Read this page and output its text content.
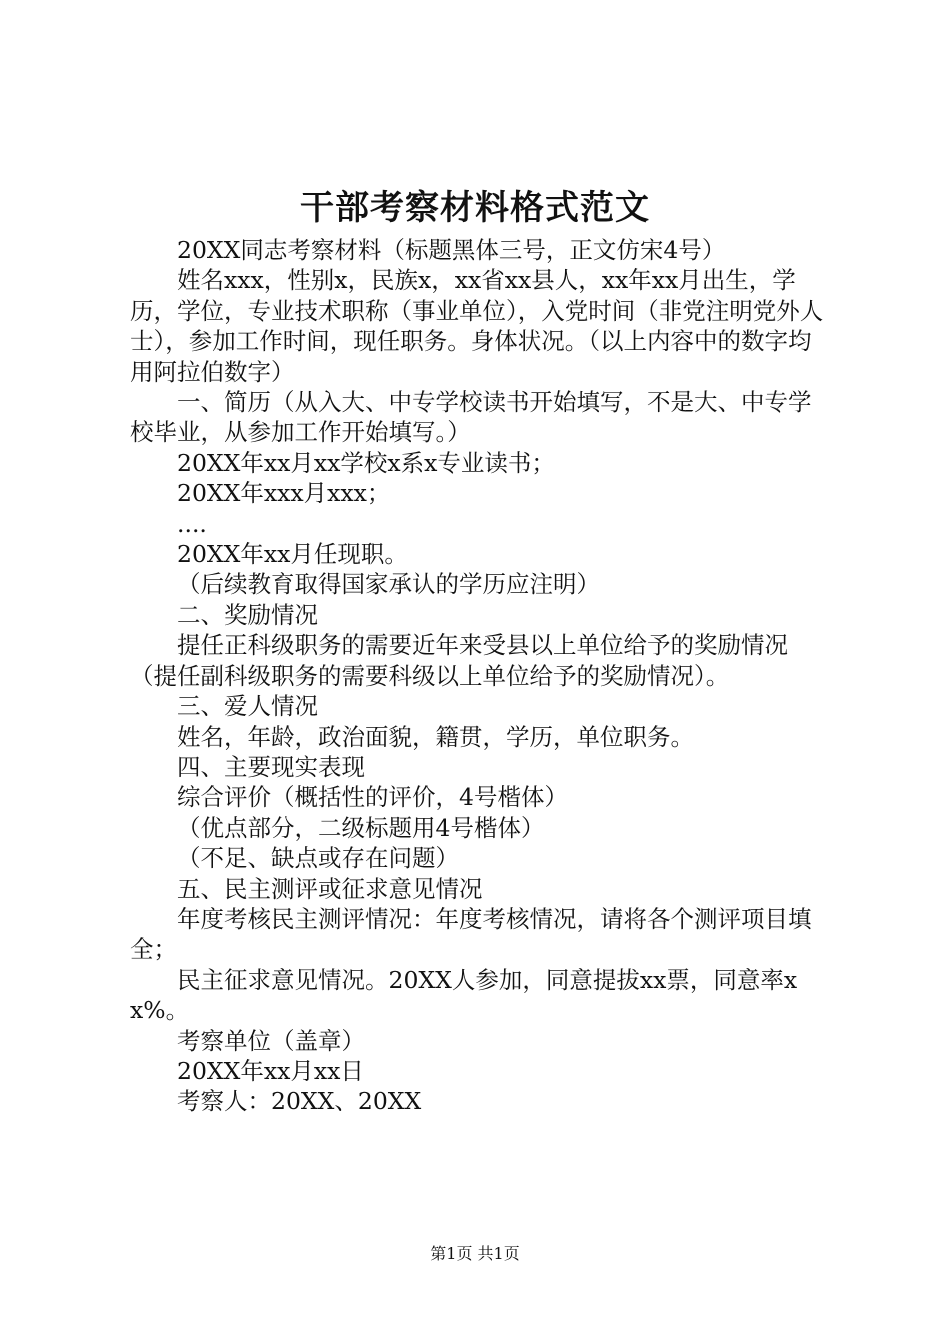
干部考察材料格式范文

20XX同志考察材料（标题黑体三号，正文仿宋4号）

姓名xxx，性别x，民族x，xx省xx县人，xx年xx月出生，学历，学位，专业技术职称（事业单位），入党时间（非党注明党外人士），参加工作时间，现任职务。身体状况。（以上内容中的数字均用阿拉伯数字）

一、简历（从入大、中专学校读书开始填写，不是大、中专学校毕业，从参加工作开始填写。）

20XX年xx月xx学校x系x专业读书；

20XX年xxx月xxx；

....

20XX年xx月任现职。

（后续教育取得国家承认的学历应注明）

二、奖励情况

提任正科级职务的需要近年来受县以上单位给予的奖励情况（提任副科级职务的需要科级以上单位给予的奖励情况）。

三、爱人情况

姓名，年龄，政治面貌，籍贯，学历，单位职务。

四、主要现实表现

综合评价（概括性的评价，4号楷体）

（优点部分，二级标题用4号楷体）

（不足、缺点或存在问题）

五、民主测评或征求意见情况

年度考核民主测评情况：年度考核情况，请将各个测评项目填全；

民主征求意见情况。20XX人参加，同意提拔xx票，同意率xx%。

考察单位（盖章）

20XX年xx月xx日

考察人：20XX、20XX

第1页 共1页
